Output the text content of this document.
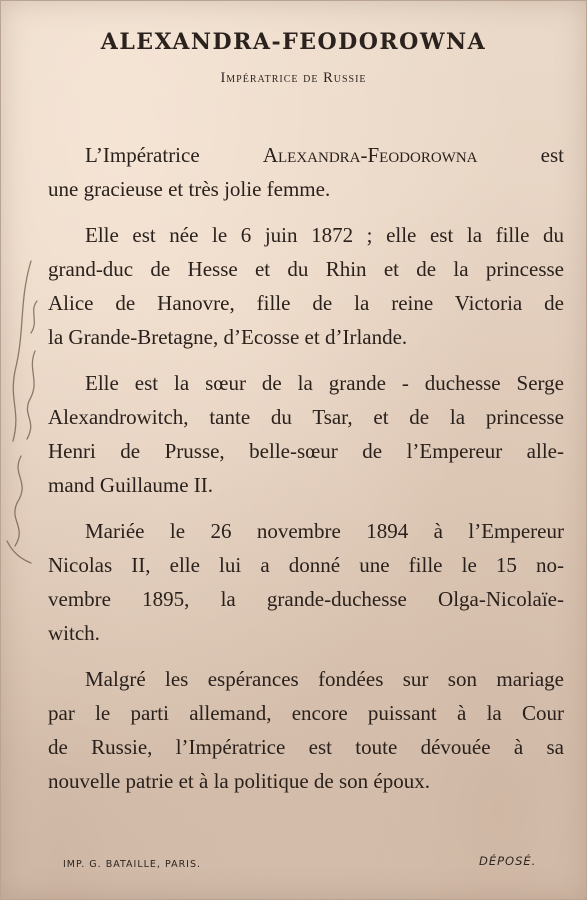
ALEXANDRA-FEODOROWNA
Impératrice de Russie

L’Impératrice Alexandra-Feodorowna est
une gracieuse et très jolie femme.

Elle est née le 6 juin 1872 ; elle est la fille du
grand-duc de Hesse et du Rhin et de la princesse
Alice de Hanovre, fille de la reine Victoria de
la Grande-Bretagne, d’Ecosse et d’Irlande.

Elle est la sœur de la grande - duchesse Serge
Alexandrowitch, tante du Tsar, et de la princesse
Henri de Prusse, belle-sœur de l’Empereur alle-
mand Guillaume II.

Mariée le 26 novembre 1894 à l’Empereur
Nicolas II, elle lui a donné une fille le 15 no-
vembre 1895, la grande-duchesse Olga-Nicolaïe-
witch.

Malgré les espérances fondées sur son mariage
par le parti allemand, encore puissant à la Cour
de Russie, l’Impératrice est toute dévouée à sa
nouvelle patrie et à la politique de son époux.

IMP. G. BATAILLE, PARIS.	DÉPOSÉ.
